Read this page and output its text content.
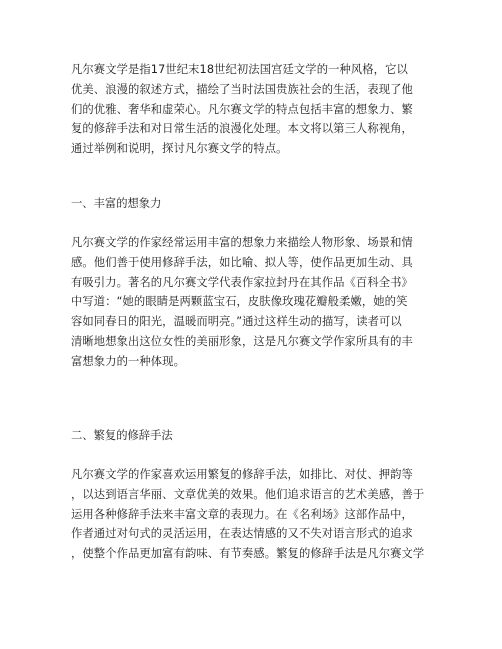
凡尔赛文学是指17世纪末18世纪初法国宫廷文学的一种风格，它以
优美、浪漫的叙述方式，描绘了当时法国贵族社会的生活，表现了他
们的优雅、奢华和虚荣心。凡尔赛文学的特点包括丰富的想象力、繁
复的修辞手法和对日常生活的浪漫化处理。本文将以第三人称视角，
通过举例和说明，探讨凡尔赛文学的特点。
一、丰富的想象力
凡尔赛文学的作家经常运用丰富的想象力来描绘人物形象、场景和情
感。他们善于使用修辞手法，如比喻、拟人等，使作品更加生动、具
有吸引力。著名的凡尔赛文学代表作家拉封丹在其作品《百科全书》
中写道：“她的眼睛是两颗蓝宝石，皮肤像玫瑰花瓣般柔嫩，她的笑
容如同春日的阳光，温暖而明亮。”通过这样生动的描写，读者可以
清晰地想象出这位女性的美丽形象，这是凡尔赛文学作家所具有的丰
富想象力的一种体现。
二、繁复的修辞手法
凡尔赛文学的作家喜欢运用繁复的修辞手法，如排比、对仗、押韵等
，以达到语言华丽、文章优美的效果。他们追求语言的艺术美感，善于
运用各种修辞手法来丰富文章的表现力。在《名利场》这部作品中，
作者通过对句式的灵活运用，在表达情感的又不失对语言形式的追求
，使整个作品更加富有韵味、有节奏感。繁复的修辞手法是凡尔赛文学
